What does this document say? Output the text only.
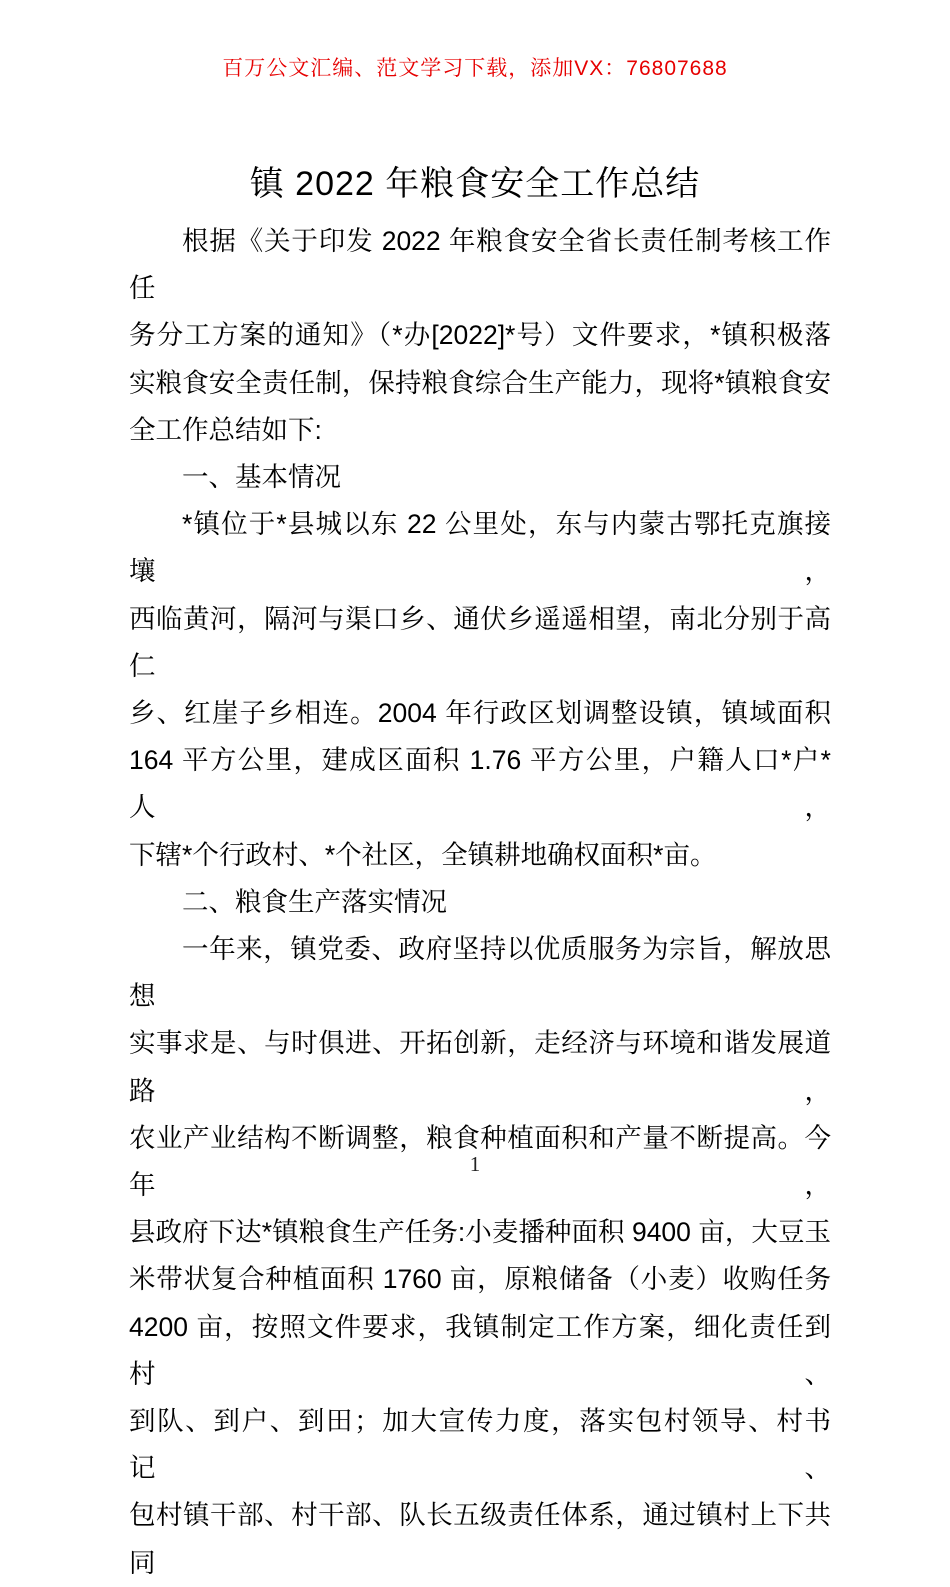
百万公文汇编、范文学习下载，添加VX：76807688
镇 2022 年粮食安全工作总结
根据《关于印发 2022 年粮食安全省长责任制考核工作任
务分工方案的通知》（*办[2022]*号）文件要求，*镇积极落
实粮食安全责任制，保持粮食综合生产能力，现将*镇粮食安
全工作总结如下:
一、基本情况
*镇位于*县城以东 22 公里处，东与内蒙古鄂托克旗接壤，
西临黄河，隔河与渠口乡、通伏乡遥遥相望，南北分别于高仁
乡、红崖子乡相连。2004 年行政区划调整设镇，镇域面积
164 平方公里，建成区面积 1.76 平方公里，户籍人口*户*人，
下辖*个行政村、*个社区，全镇耕地确权面积*亩。
二、粮食生产落实情况
一年来，镇党委、政府坚持以优质服务为宗旨，解放思想
实事求是、与时俱进、开拓创新，走经济与环境和谐发展道路，
农业产业结构不断调整，粮食种植面积和产量不断提高。今年，
县政府下达*镇粮食生产任务:小麦播种面积 9400 亩，大豆玉
米带状复合种植面积 1760 亩，原粮储备（小麦）收购任务
4200 亩，按照文件要求，我镇制定工作方案，细化责任到村、
到队、到户、到田；加大宣传力度，落实包村领导、村书记、
包村镇干部、村干部、队长五级责任体系，通过镇村上下共同
1
